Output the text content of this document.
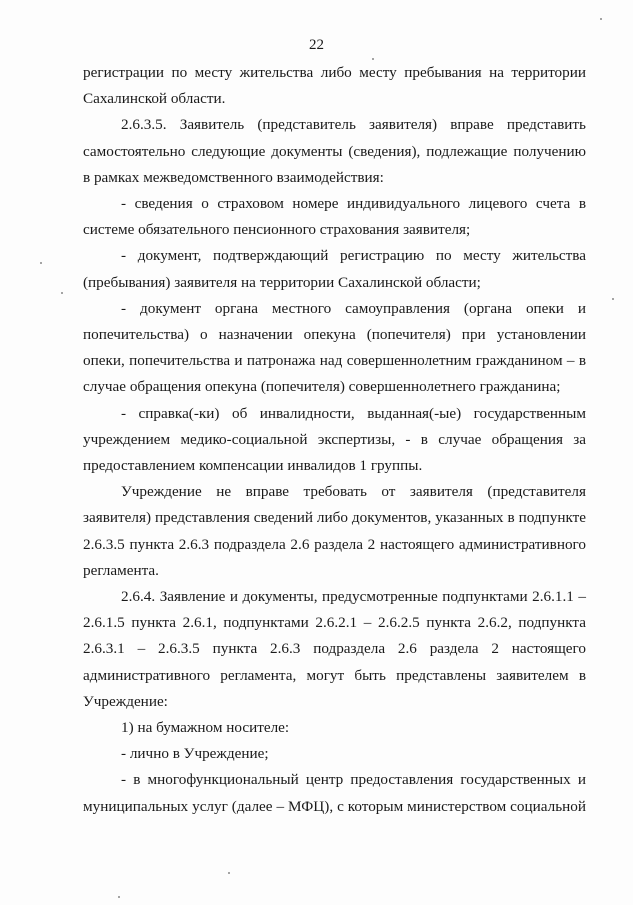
22

регистрации по месту жительства либо месту пребывания на территории Сахалинской области.

2.6.3.5. Заявитель (представитель заявителя) вправе представить самостоятельно следующие документы (сведения), подлежащие получению в рамках межведомственного взаимодействия:

- сведения о страховом номере индивидуального лицевого счета в системе обязательного пенсионного страхования заявителя;

- документ, подтверждающий регистрацию по месту жительства (пребывания) заявителя на территории Сахалинской области;

- документ органа местного самоуправления (органа опеки и попечительства) о назначении опекуна (попечителя) при установлении опеки, попечительства и патронажа над совершеннолетним гражданином – в случае обращения опекуна (попечителя) совершеннолетнего гражданина;

- справка(-ки) об инвалидности, выданная(-ые) государственным учреждением медико-социальной экспертизы, - в случае обращения за предоставлением компенсации инвалидов 1 группы.

Учреждение не вправе требовать от заявителя (представителя заявителя) представления сведений либо документов, указанных в подпункте 2.6.3.5 пункта 2.6.3 подраздела 2.6 раздела 2 настоящего административного регламента.

2.6.4. Заявление и документы, предусмотренные подпунктами 2.6.1.1 – 2.6.1.5 пункта 2.6.1, подпунктами 2.6.2.1 – 2.6.2.5 пункта 2.6.2, подпункта 2.6.3.1 – 2.6.3.5 пункта 2.6.3 подраздела 2.6 раздела 2 настоящего административного регламента, могут быть представлены заявителем в Учреждение:

1) на бумажном носителе:

- лично в Учреждение;

- в многофункциональный центр предоставления государственных и муниципальных услуг (далее – МФЦ), с которым министерством социальной
